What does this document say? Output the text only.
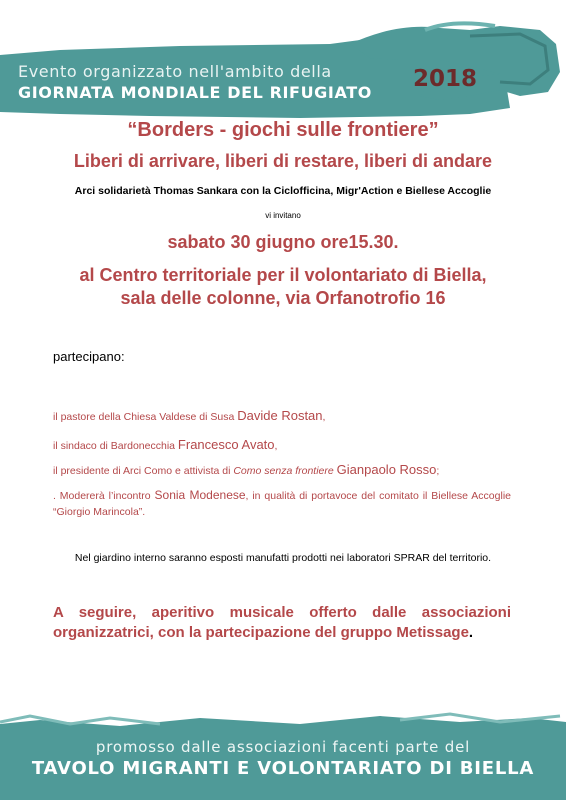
Evento organizzato nell'ambito della
GIORNATA MONDIALE DEL RIFUGIATO
2018
“Borders - giochi sulle frontiere”
Liberi di arrivare, liberi di restare, liberi di andare
Arci solidarietà Thomas Sankara con la Ciclofficina, Migr'Action e Biellese Accoglie
vi invitano
sabato 30 giugno ore15.30.
al Centro territoriale per il volontariato di Biella,
sala delle colonne, via Orfanotrofio 16
partecipano:
il pastore della Chiesa Valdese di Susa Davide Rostan,
il sindaco di Bardonecchia Francesco Avato,
il presidente di Arci Como e attivista di Como senza frontiere Gianpaolo Rosso;
. Modererà l’incontro Sonia Modenese, in qualità di portavoce del comitato il Biellese Accoglie “Giorgio Marincola”.
Nel giardino interno saranno esposti manufatti prodotti nei laboratori SPRAR del territorio.
A seguire, aperitivo musicale offerto dalle associazioni organizzatrici, con la partecipazione del gruppo Metissage.
promosso dalle associazioni facenti parte del
TAVOLO MIGRANTI E VOLONTARIATO DI BIELLA
